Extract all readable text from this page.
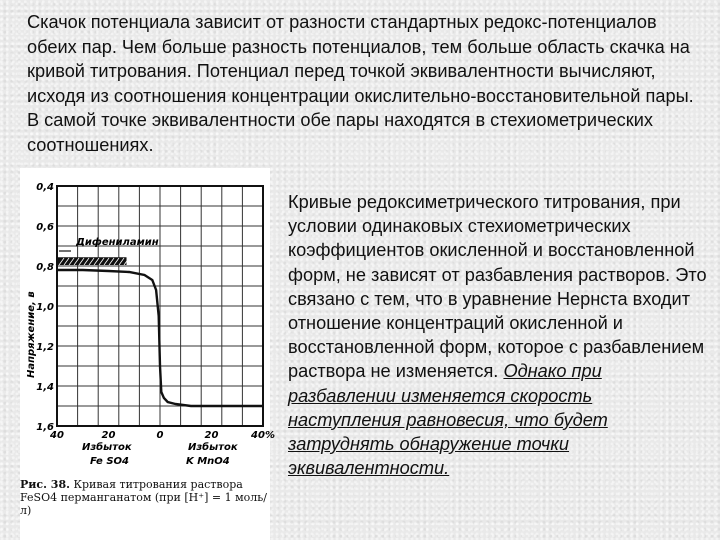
Скачок потенциала зависит от разности стандартных редокс-потенциалов обеих пар. Чем больше разность потенциалов, тем больше область скачка на кривой титрования. Потенциал перед точкой эквивалентности вычисляют, исходя из соотношения концентрации окислительно-восстановительной пары. В самой точке эквивалентности обе пары находятся в стехиометрических соотношениях.

0,4
0,6
0,8
1,0
1,2
1,4
1,6
40	20	0	20	40%
Напряжение, в
Дифениламин
Избыток
Fe SO4
Избыток
K MnO4
Рис. 38. Кривая титрования раствора FeSO4 перманганатом (при [H⁺] = 1 моль/л)
Кривые редоксиметрического титрования, при условии одинаковых стехиометрических коэффициентов окисленной и восстановленной форм, не зависят от разбавления растворов. Это связано с тем, что в уравнение Нернста входит отношение концентраций окисленной и восстановленной форм, которое с разбавлением раствора не изменяется. Однако при разбавлении изменяется скорость наступления равновесия, что будет затруднять обнаружение точки эквивалентности.
